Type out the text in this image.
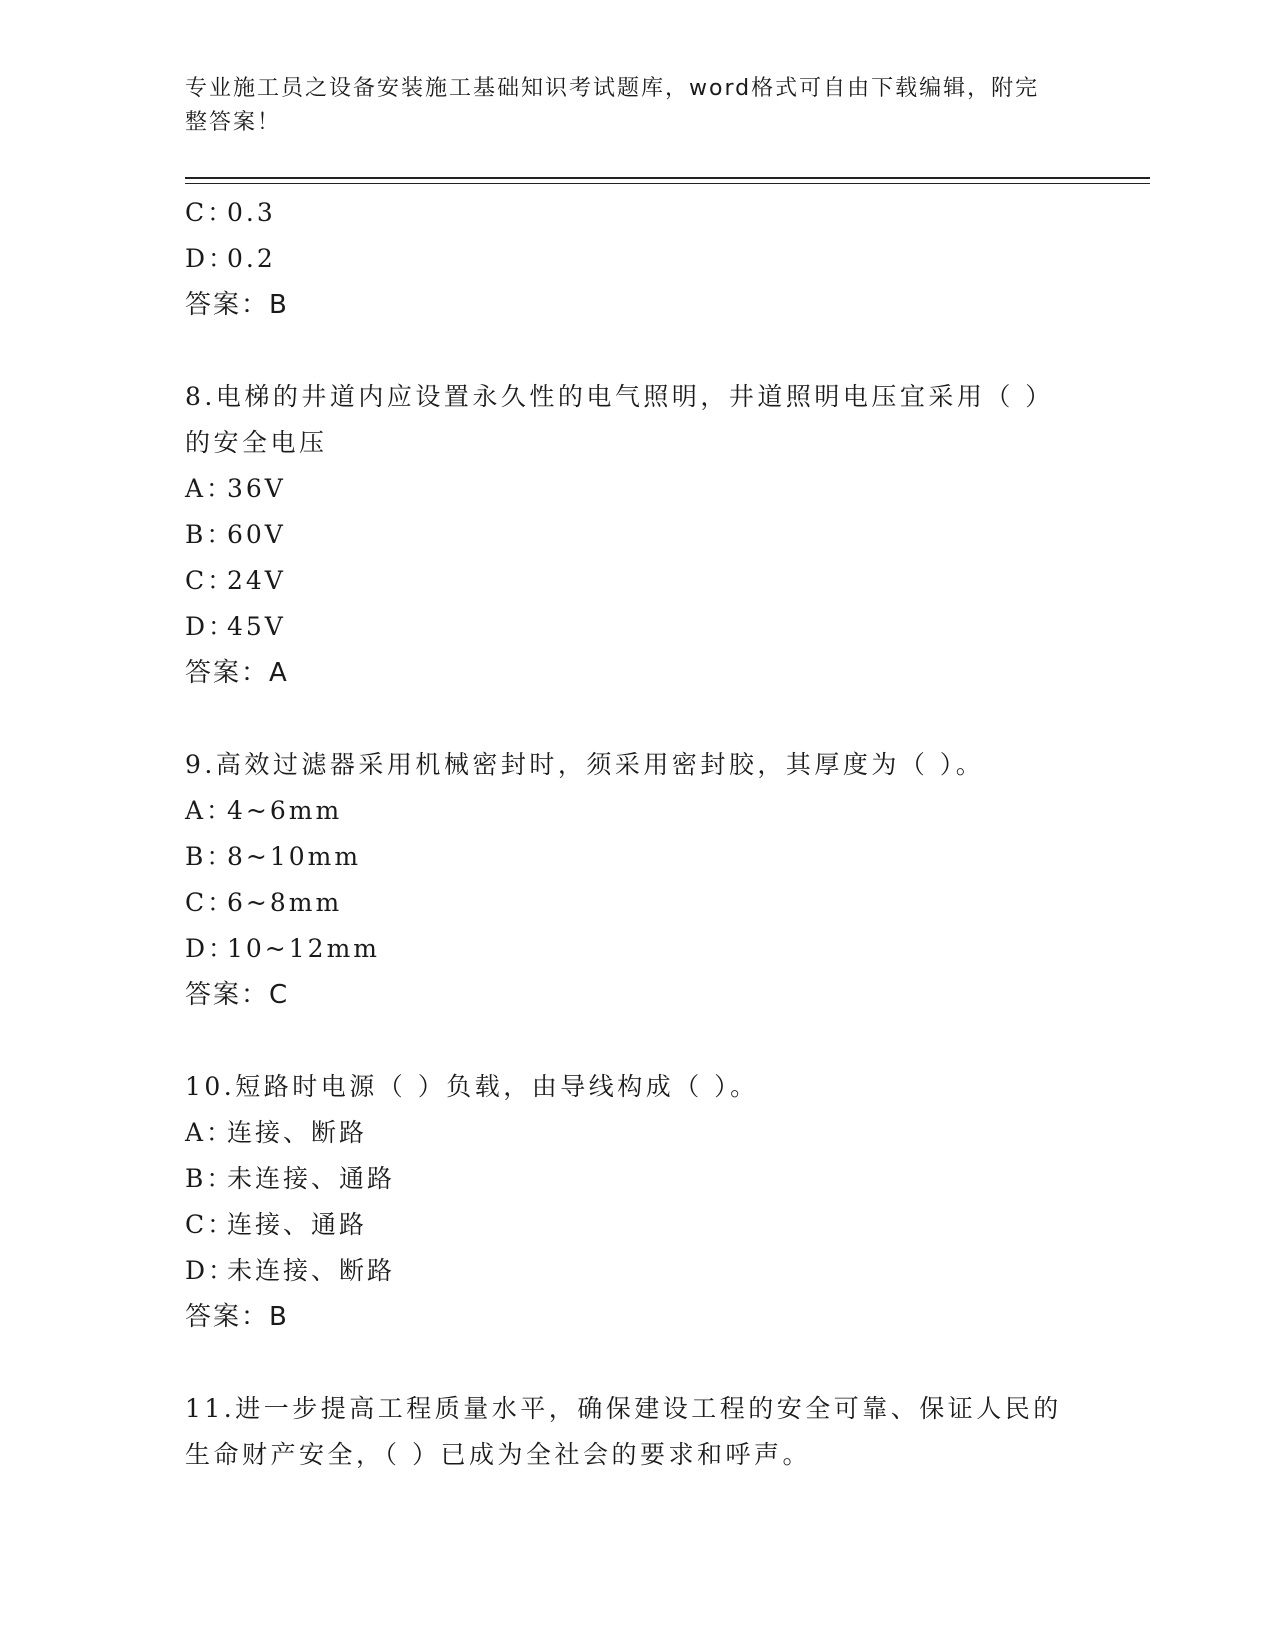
专业施工员之设备安装施工基础知识考试题库，word格式可自由下载编辑，附完
整答案！
C：0.3
D：0.2
答案：B
8.电梯的井道内应设置永久性的电气照明，井道照明电压宜采用（ ）
的安全电压
A：36V
B：60V
C：24V
D：45V
答案：A
9.高效过滤器采用机械密封时，须采用密封胶，其厚度为（ ）。
A：4~6mm
B：8~10mm
C：6~8mm
D：10~12mm
答案：C
10.短路时电源（ ）负载，由导线构成（ ）。
A：连接、断路
B：未连接、通路
C：连接、通路
D：未连接、断路
答案：B
11.进一步提高工程质量水平，确保建设工程的安全可靠、保证人民的
生命财产安全，（ ）已成为全社会的要求和呼声。
